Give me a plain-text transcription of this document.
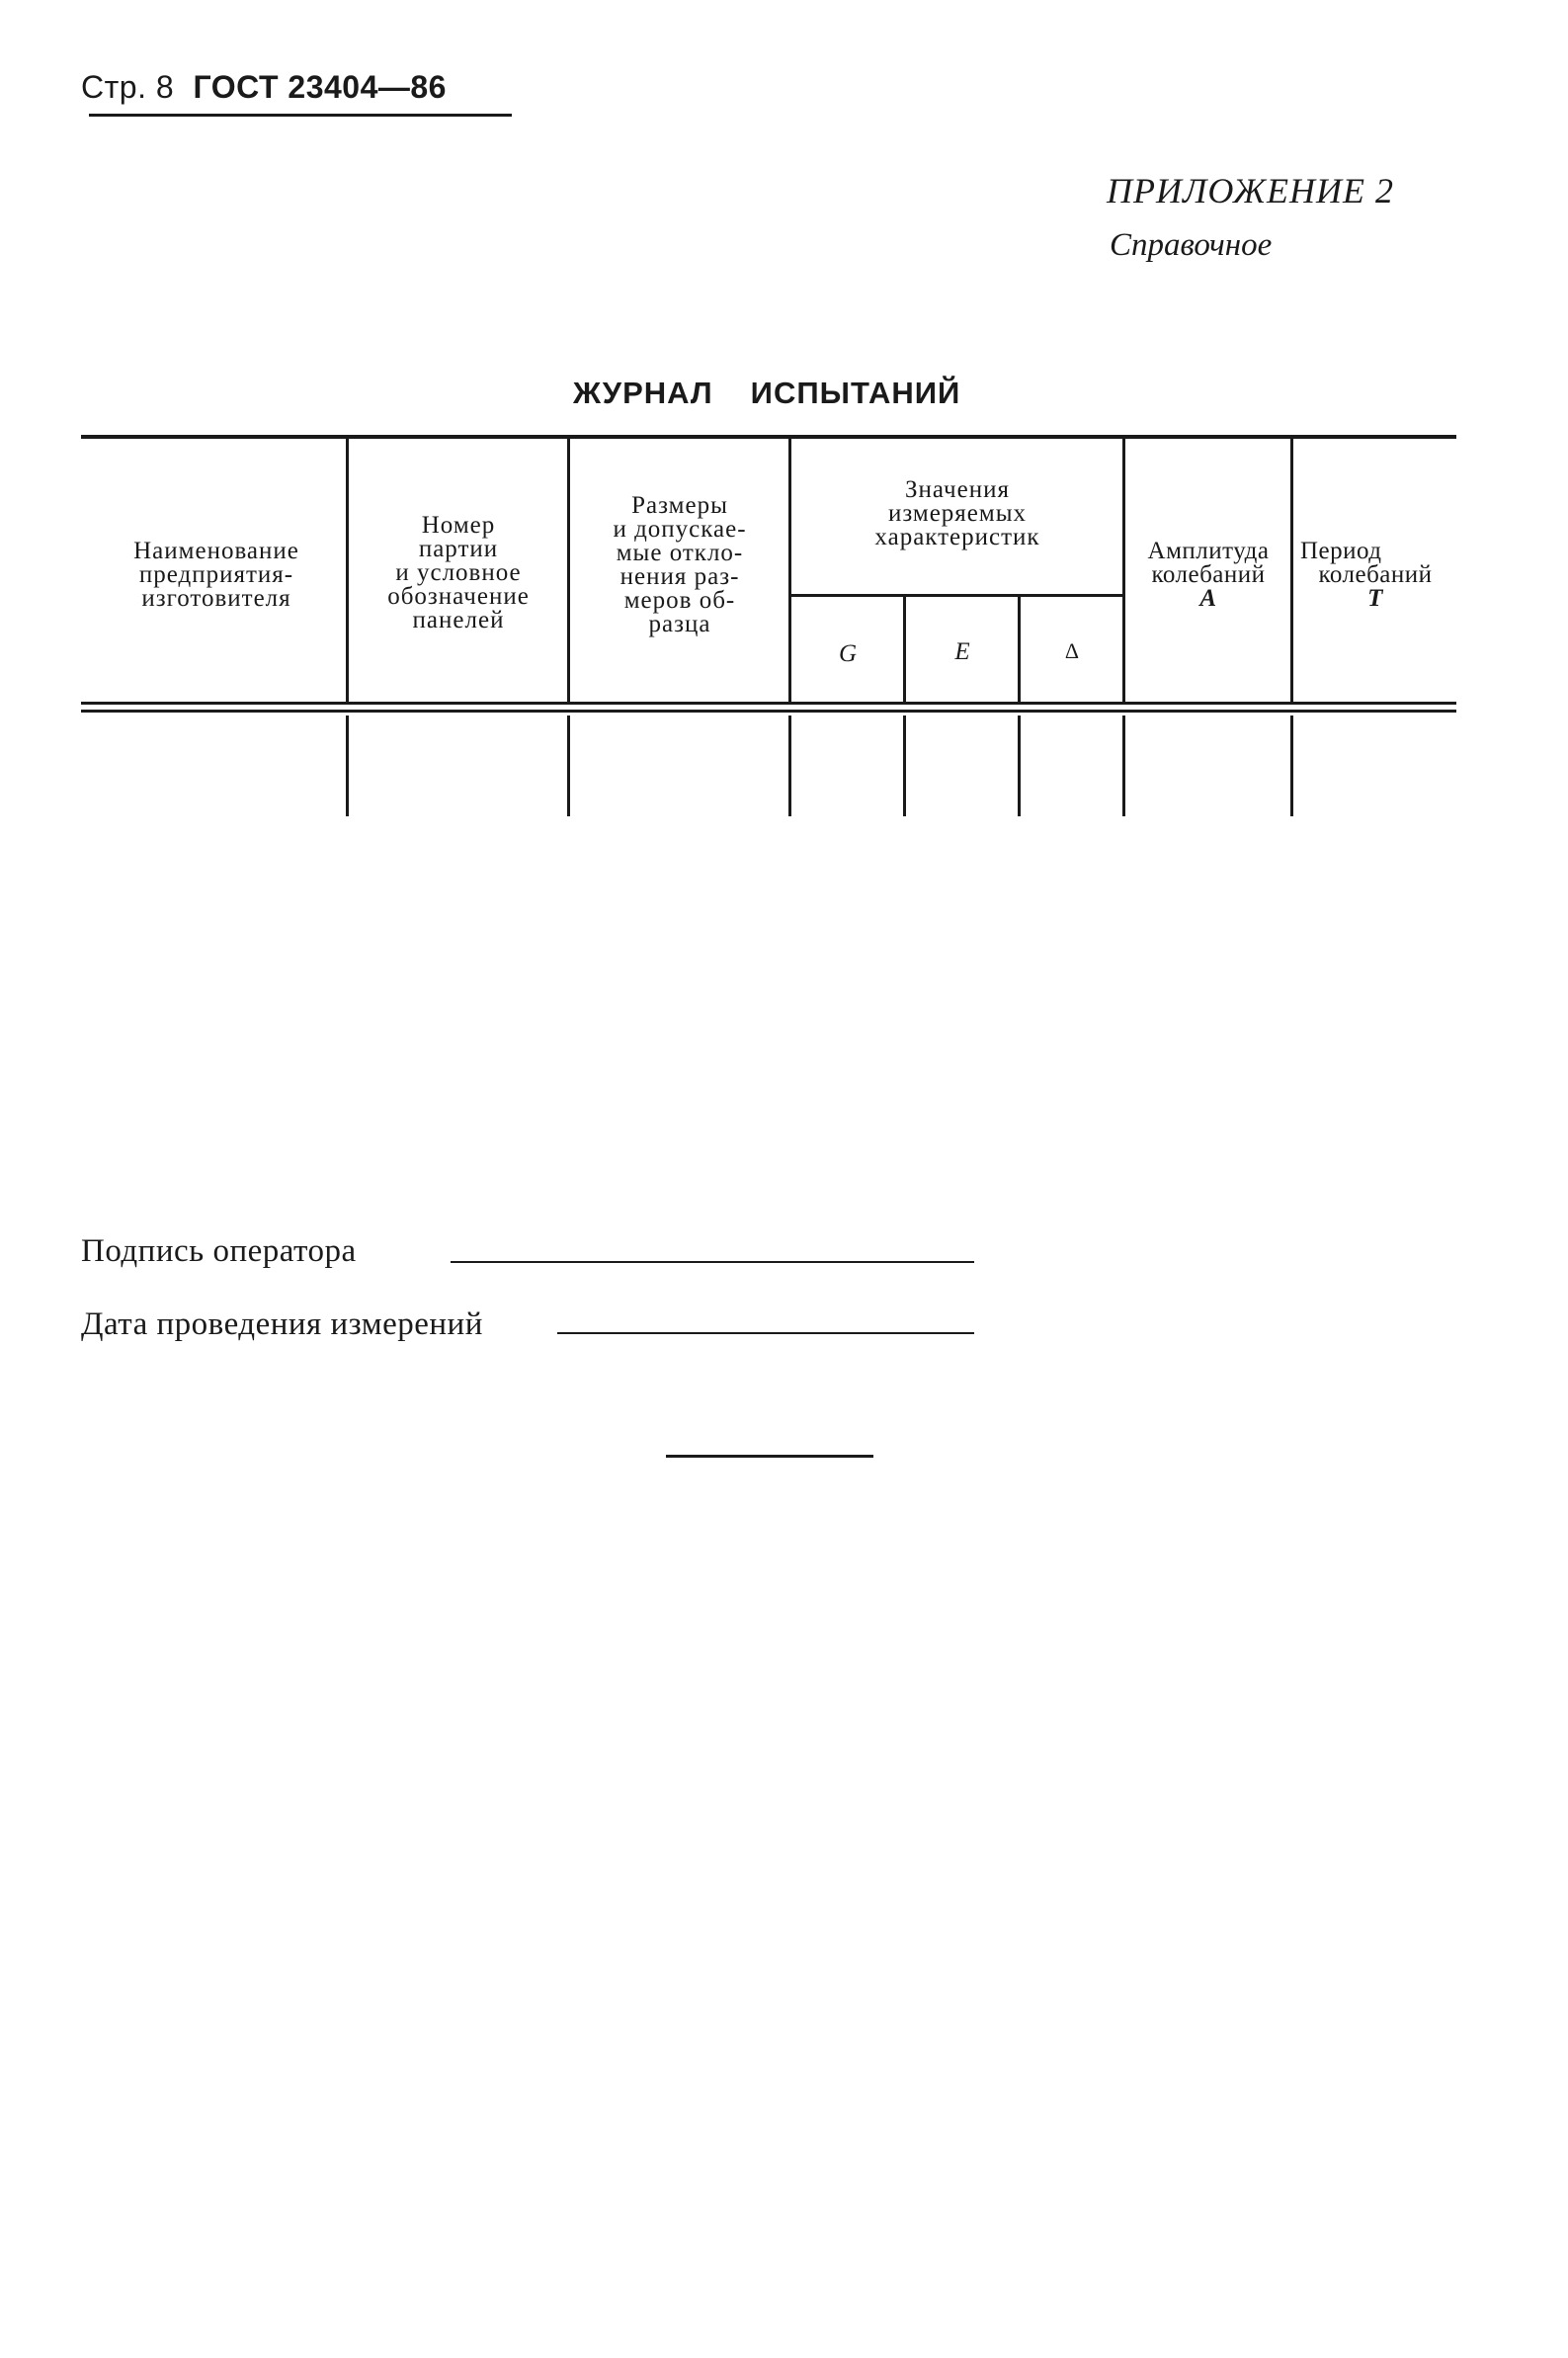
Стр. 8 ГОСТ 23404—86
ПРИЛОЖЕНИЕ 2
Справочное
ЖУРНАЛ ИСПЫТАНИЙ
Наименование
предприятия-
изготовителя
Номер
партии
и условное
обозначение
панелей
Размеры
и допускае-
мые откло-
нения раз-
меров об-
разца
Значения
измеряемых
характеристик
G	E	Δ
Амплитуда
колебаний
A
Период
колебаний
T
Подпись оператора
Дата проведения измерений
